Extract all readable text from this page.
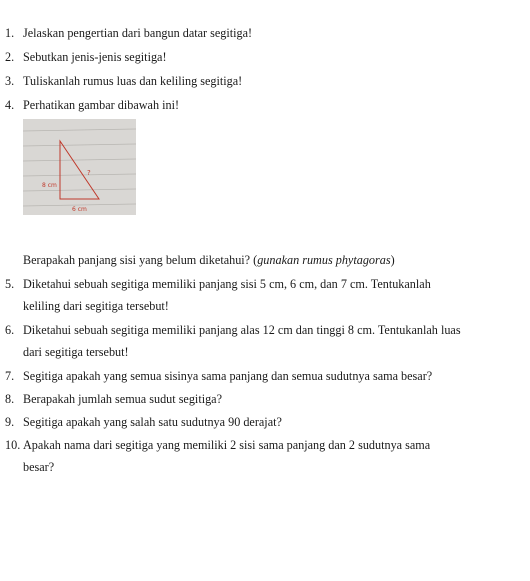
1. Jelaskan pengertian dari bangun datar segitiga!
2. Sebutkan jenis-jenis segitiga!
3. Tuliskanlah rumus luas dan keliling segitiga!
4. Perhatikan gambar dibawah ini!
8 cm
6 cm
?
Berapakah panjang sisi yang belum diketahui? (gunakan rumus phytagoras)
5. Diketahui sebuah segitiga memiliki panjang sisi 5 cm, 6 cm, dan 7 cm. Tentukanlah
keliling dari segitiga tersebut!
6. Diketahui sebuah segitiga memiliki panjang alas 12 cm dan tinggi 8 cm. Tentukanlah luas
dari segitiga tersebut!
7. Segitiga apakah yang semua sisinya sama panjang dan semua sudutnya sama besar?
8. Berapakah jumlah semua sudut segitiga?
9. Segitiga apakah yang salah satu sudutnya 90 derajat?
10. Apakah nama dari segitiga yang memiliki 2 sisi sama panjang dan 2 sudutnya sama
besar?
